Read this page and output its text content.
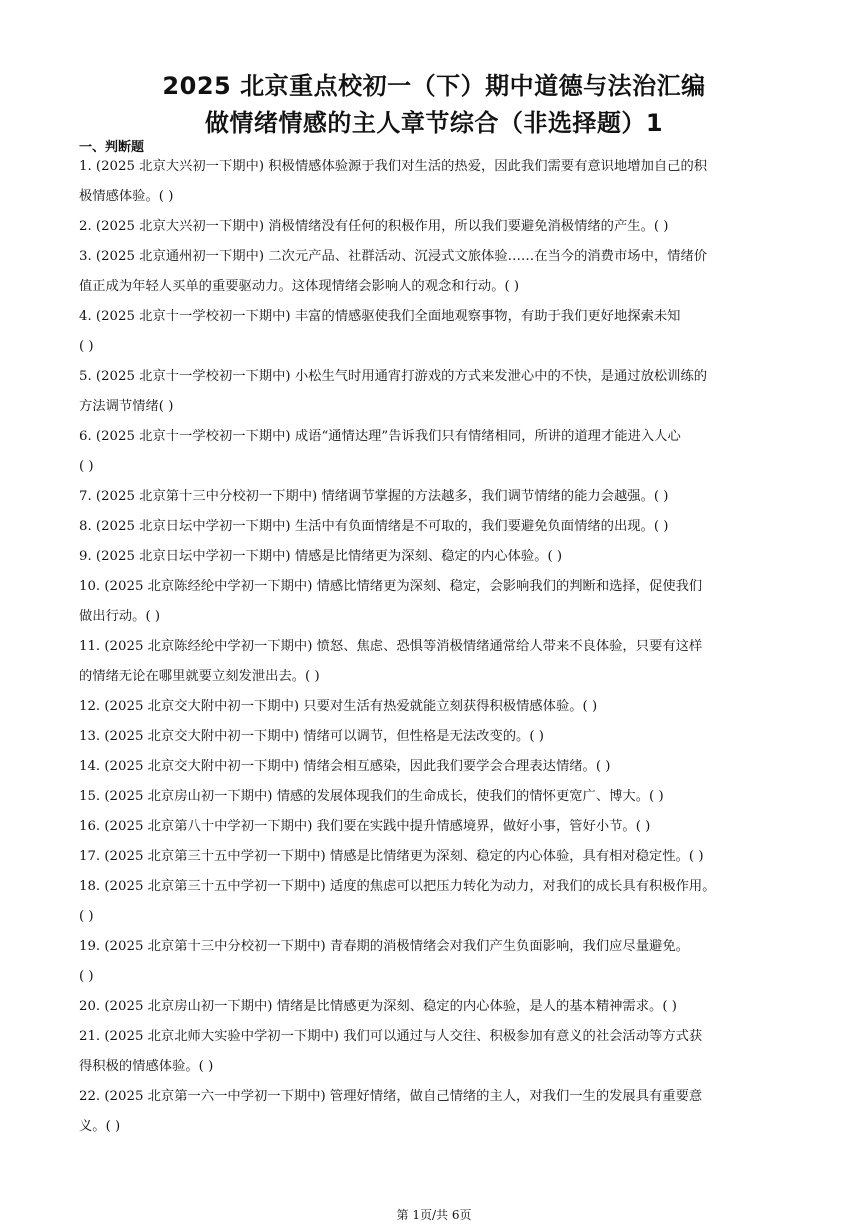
2025 北京重点校初一（下）期中道德与法治汇编
做情绪情感的主人章节综合（非选择题）1
一、判断题
1. (2025 北京大兴初一下期中) 积极情感体验源于我们对生活的热爱，因此我们需要有意识地增加自己的积
极情感体验。( )
2. (2025 北京大兴初一下期中) 消极情绪没有任何的积极作用，所以我们要避免消极情绪的产生。( )
3. (2025 北京通州初一下期中) 二次元产品、社群活动、沉浸式文旅体验……在当今的消费市场中，情绪价
值正成为年轻人买单的重要驱动力。这体现情绪会影响人的观念和行动。( )
4. (2025 北京十一学校初一下期中) 丰富的情感驱使我们全面地观察事物，有助于我们更好地探索未知
( )
5. (2025 北京十一学校初一下期中) 小松生气时用通宵打游戏的方式来发泄心中的不快，是通过放松训练的
方法调节情绪( )
6. (2025 北京十一学校初一下期中) 成语“通情达理”告诉我们只有情绪相同，所讲的道理才能进入人心
( )
7. (2025 北京第十三中分校初一下期中) 情绪调节掌握的方法越多，我们调节情绪的能力会越强。( )
8. (2025 北京日坛中学初一下期中) 生活中有负面情绪是不可取的，我们要避免负面情绪的出现。( )
9. (2025 北京日坛中学初一下期中) 情感是比情绪更为深刻、稳定的内心体验。( )
10. (2025 北京陈经纶中学初一下期中) 情感比情绪更为深刻、稳定，会影响我们的判断和选择，促使我们
做出行动。( )
11. (2025 北京陈经纶中学初一下期中) 愤怒、焦虑、恐惧等消极情绪通常给人带来不良体验，只要有这样
的情绪无论在哪里就要立刻发泄出去。( )
12. (2025 北京交大附中初一下期中) 只要对生活有热爱就能立刻获得积极情感体验。( )
13. (2025 北京交大附中初一下期中) 情绪可以调节，但性格是无法改变的。( )
14. (2025 北京交大附中初一下期中) 情绪会相互感染，因此我们要学会合理表达情绪。( )
15. (2025 北京房山初一下期中) 情感的发展体现我们的生命成长，使我们的情怀更宽广、博大。( )
16. (2025 北京第八十中学初一下期中) 我们要在实践中提升情感境界，做好小事，管好小节。( )
17. (2025 北京第三十五中学初一下期中) 情感是比情绪更为深刻、稳定的内心体验，具有相对稳定性。( )
18. (2025 北京第三十五中学初一下期中) 适度的焦虑可以把压力转化为动力，对我们的成长具有积极作用。
( )
19. (2025 北京第十三中分校初一下期中) 青春期的消极情绪会对我们产生负面影响，我们应尽量避免。
( )
20. (2025 北京房山初一下期中) 情绪是比情感更为深刻、稳定的内心体验，是人的基本精神需求。( )
21. (2025 北京北师大实验中学初一下期中) 我们可以通过与人交往、积极参加有意义的社会活动等方式获
得积极的情感体验。( )
22. (2025 北京第一六一中学初一下期中) 管理好情绪，做自己情绪的主人，对我们一生的发展具有重要意
义。( )
第 1页/共 6页
